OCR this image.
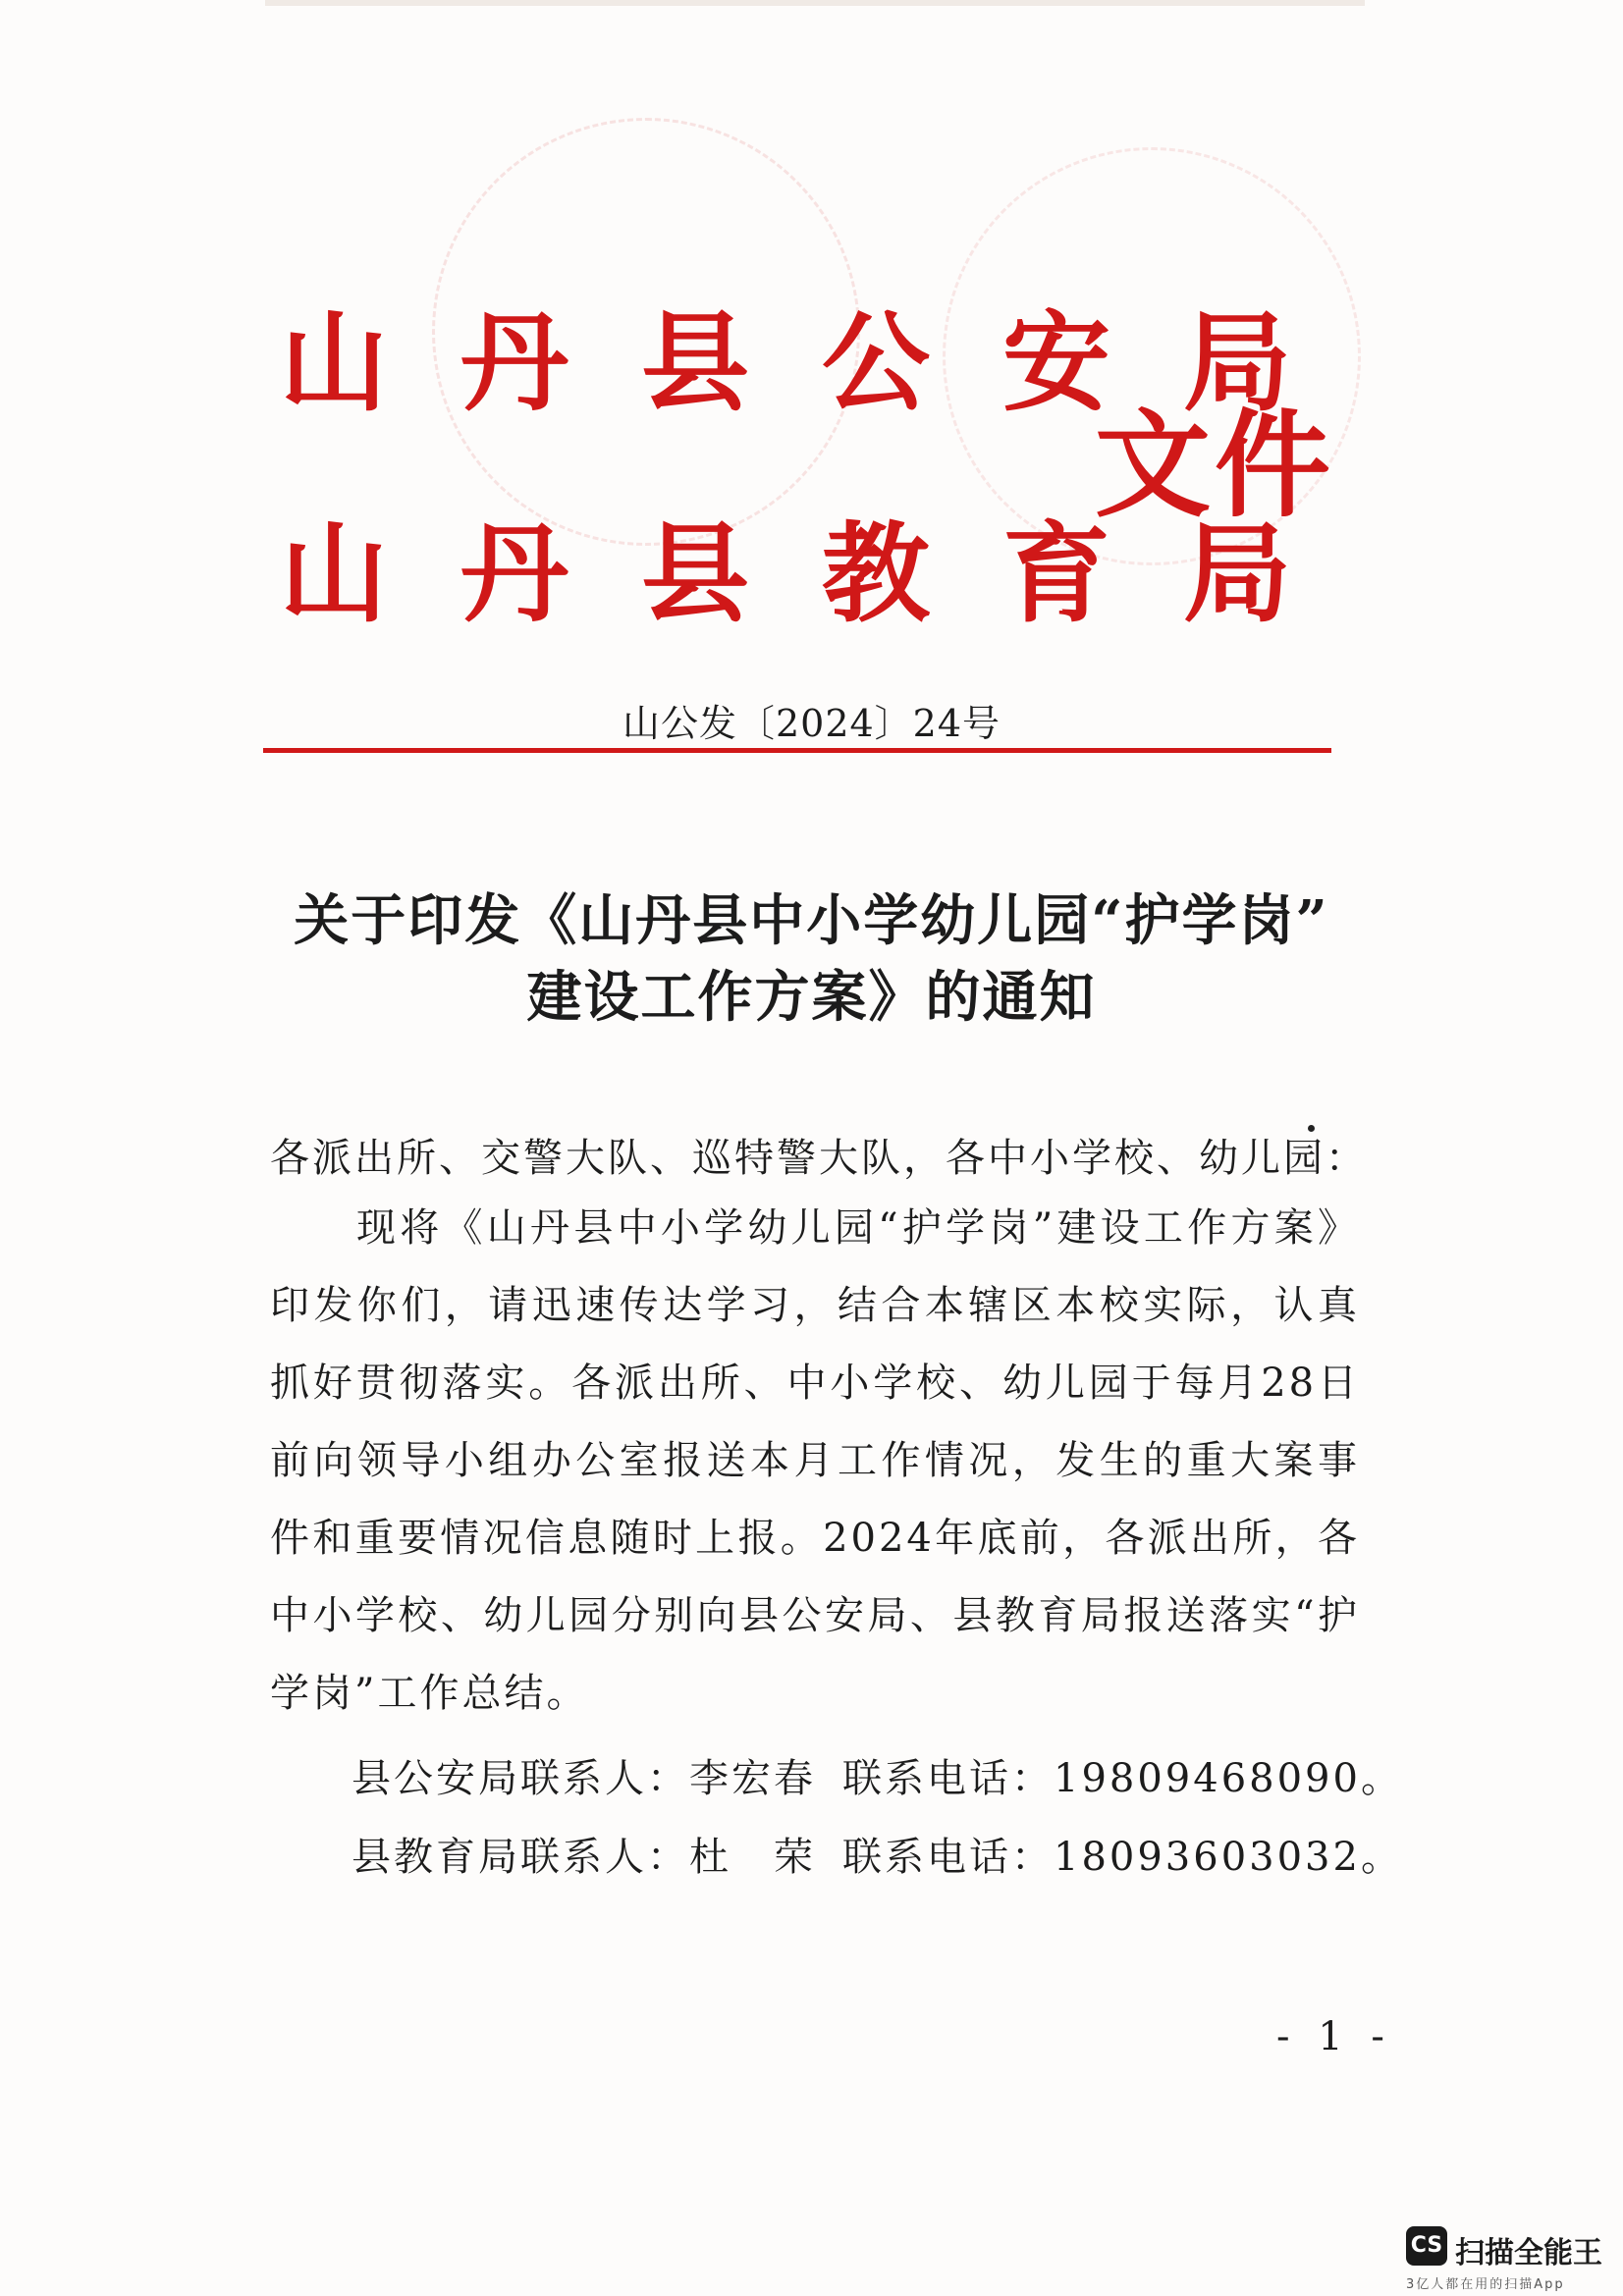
山丹县公安局
山丹县教育局
文件
山公发〔2024〕24号
关于印发《山丹县中小学幼儿园“护学岗”
建设工作方案》的通知
各派出所、交警大队、巡特警大队，各中小学校、幼儿园：
现将《山丹县中小学幼儿园“护学岗”建设工作方案》印发你们，请迅速传达学习，结合本辖区本校实际，认真抓好贯彻落实。各派出所、中小学校、幼儿园于每月28日前向领导小组办公室报送本月工作情况，发生的重大案事件和重要情况信息随时上报。2024年底前，各派出所，各中小学校、幼儿园分别向县公安局、县教育局报送落实“护学岗”工作总结。
县公安局联系人：李宏春 联系电话：19809468090。
县教育局联系人：杜　荣 联系电话：18093603032。
- 1 -
CS 扫描全能王
3亿人都在用的扫描App
